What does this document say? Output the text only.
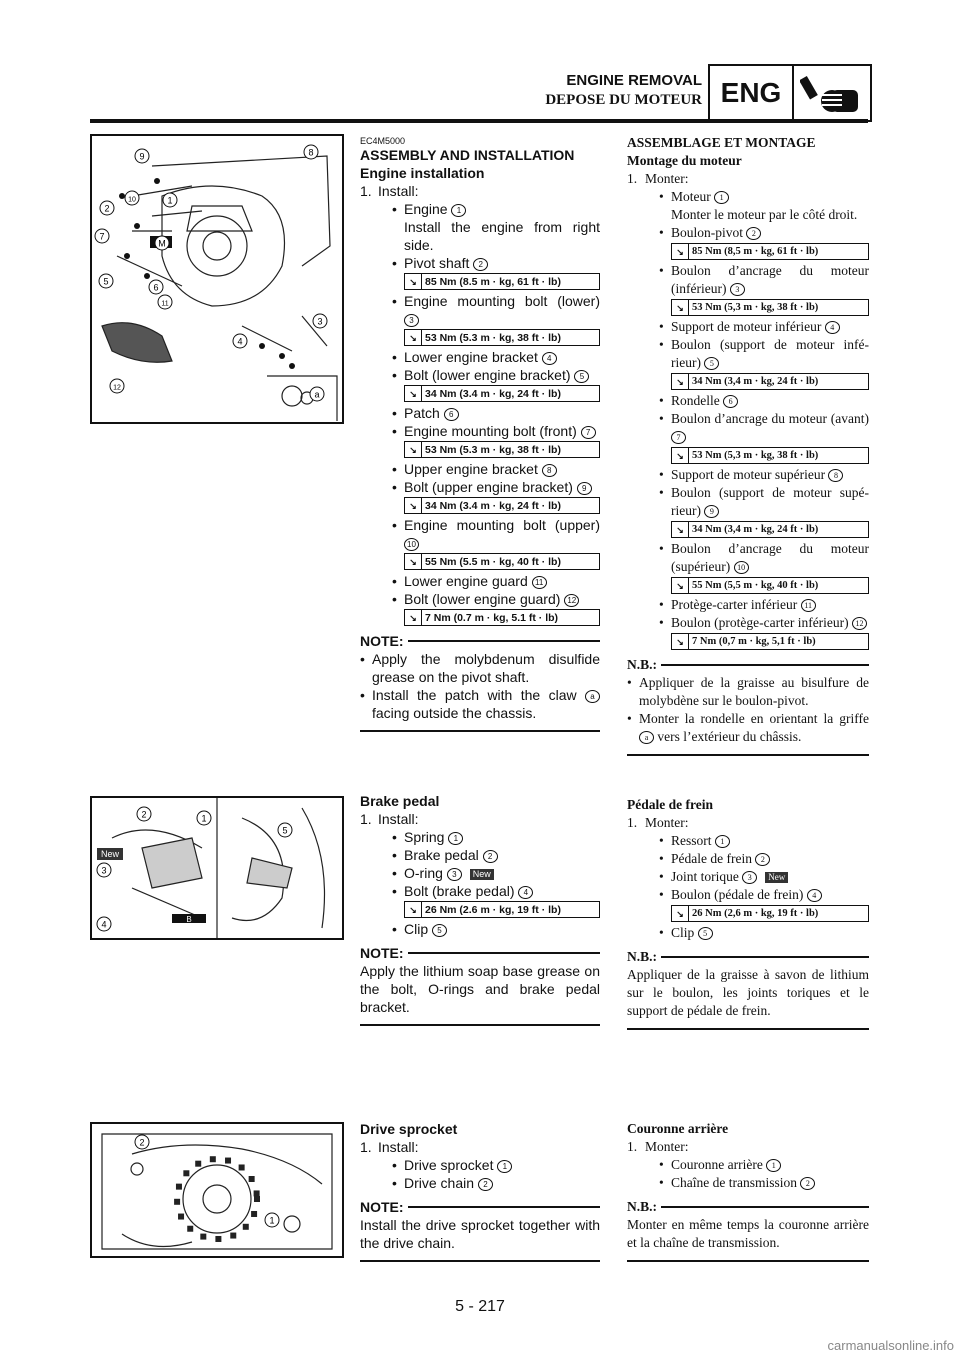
ENGINE REMOVAL
DEPOSE DU MOTEUR ENG
1
2
3
4
5
6
7
8
9
10
11
12
M
a
B
New
1
2
3
4
5
1
2
EC4M5000
ASSEMBLY AND INSTALLATION
Engine installation
1. Install:
• Engine 1
Install the engine from right side.
• Pivot shaft 2
↘ 85 Nm (8.5 m · kg, 61 ft · lb)
• Engine mounting bolt (lower) 3
↘ 53 Nm (5.3 m · kg, 38 ft · lb)
• Lower engine bracket 4
• Bolt (lower engine bracket) 5
↘ 34 Nm (3.4 m · kg, 24 ft · lb)
• Patch 6
• Engine mounting bolt (front) 7
↘ 53 Nm (5.3 m · kg, 38 ft · lb)
• Upper engine bracket 8
• Bolt (upper engine bracket) 9
↘ 34 Nm (3.4 m · kg, 24 ft · lb)
• Engine mounting bolt (upper) 10
↘ 55 Nm (5.5 m · kg, 40 ft · lb)
• Lower engine guard 11
• Bolt (lower engine guard) 12
↘ 7 Nm (0.7 m · kg, 5.1 ft · lb)
NOTE:
• Apply the molybdenum disulfide grease on the pivot shaft.
• Install the patch with the claw a facing outside the chassis.
ASSEMBLAGE ET MONTAGE
Montage du moteur
1. Monter:
• Moteur 1
Monter le moteur par le côté droit.
• Boulon-pivot 2
↘ 85 Nm (8,5 m · kg, 61 ft · lb)
• Boulon d’ancrage du moteur (inférieur) 3
↘ 53 Nm (5,3 m · kg, 38 ft · lb)
• Support de moteur inférieur 4
• Boulon (support de moteur infé-rieur) 5
↘ 34 Nm (3,4 m · kg, 24 ft · lb)
• Rondelle 6
• Boulon d’ancrage du moteur (avant) 7
↘ 53 Nm (5,3 m · kg, 38 ft · lb)
• Support de moteur supérieur 8
• Boulon (support de moteur supé-rieur) 9
↘ 34 Nm (3,4 m · kg, 24 ft · lb)
• Boulon d’ancrage du moteur (supérieur) 10
↘ 55 Nm (5,5 m · kg, 40 ft · lb)
• Protège-carter inférieur 11
• Boulon (protège-carter inférieur) 12
↘ 7 Nm (0,7 m · kg, 5,1 ft · lb)
N.B.:
• Appliquer de la graisse au bisulfure de molybdène sur le boulon-pivot.
• Monter la rondelle en orientant la griffe a vers l’extérieur du châssis.
Brake pedal
1. Install:
• Spring 1
• Brake pedal 2
• O-ring 3 New
• Bolt (brake pedal) 4
↘ 26 Nm (2.6 m · kg, 19 ft · lb)
• Clip 5
NOTE:
Apply the lithium soap base grease on the bolt, O-rings and brake pedal bracket.
Pédale de frein
1. Monter:
• Ressort 1
• Pédale de frein 2
• Joint torique 3 New
• Boulon (pédale de frein) 4
↘ 26 Nm (2,6 m · kg, 19 ft · lb)
• Clip 5
N.B.:
Appliquer de la graisse à savon de lithium sur le boulon, les joints toriques et le support de pédale de frein.
Drive sprocket
1. Install:
• Drive sprocket 1
• Drive chain 2
NOTE:
Install the drive sprocket together with the drive chain.
Couronne arrière
1. Monter:
• Couronne arrière 1
• Chaîne de transmission 2
N.B.:
Monter en même temps la couronne arrière et la chaîne de transmission.
5 - 217
carmanualsonline.info
